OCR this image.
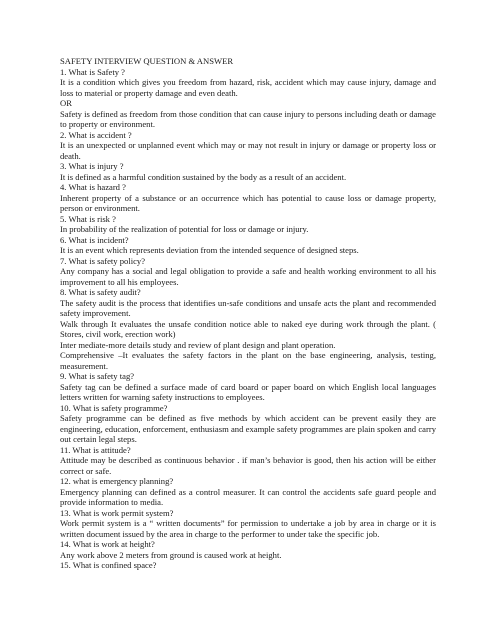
SAFETY INTERVIEW QUESTION & ANSWER

1. What is Safety ?

It is a condition which gives you freedom from hazard, risk, accident which may cause injury, damage and loss to material or property damage and even death.

OR

Safety is defined as freedom from those condition that can cause injury to persons including death or damage to property or environment.

2. What is accident ?

It is an unexpected or unplanned event which may or may not result in injury or damage or property loss or death.

3. What is injury ?

It is defined as a harmful condition sustained by the body as a result of an accident.

4. What is hazard ?

Inherent property of a substance or an occurrence which has potential to cause loss or damage property, person or environment.

5. What is risk ?

In probability of the realization of potential for loss or damage or injury.

6. What is incident?

It is an event which represents deviation from the intended sequence of designed steps.

7. What is safety policy?

Any company has a social and legal obligation to provide a safe and health working environment to all his improvement to all his employees.

8. What is safety audit?

The safety audit is the process that identifies un-safe conditions and unsafe acts the plant and recommended safety improvement.

Walk through It evaluates the unsafe condition notice able to naked eye during work through the plant. ( Stores, civil work, erection work)

Inter mediate-more details study and review of plant design and plant operation.

Comprehensive –It evaluates the safety factors in the plant on the base engineering, analysis, testing, measurement.

9. What is safety tag?

Safety tag can be defined a surface made of card board or paper board on which English local languages letters written for warning safety instructions to employees.

10. What is safety programme?

Safety programme can be defined as five methods by which accident can be prevent easily they are engineering, education, enforcement, enthusiasm and example safety programmes are plain spoken and carry out certain legal steps.

11. What is attitude?

Attitude may be described as continuous behavior . if man’s behavior is good, then his action will be either correct or safe.

12. what is emergency planning?

Emergency planning can defined as a control measurer. It can control the accidents safe guard people and provide information to media.

13. What is work permit system?

Work permit system is a “ written documents” for permission to undertake a job by area in charge or it is written document issued by the area in charge to the performer to under take the specific job.

14. What is work at height?

Any work above 2 meters from ground is caused work at height.

15. What is confined space?
